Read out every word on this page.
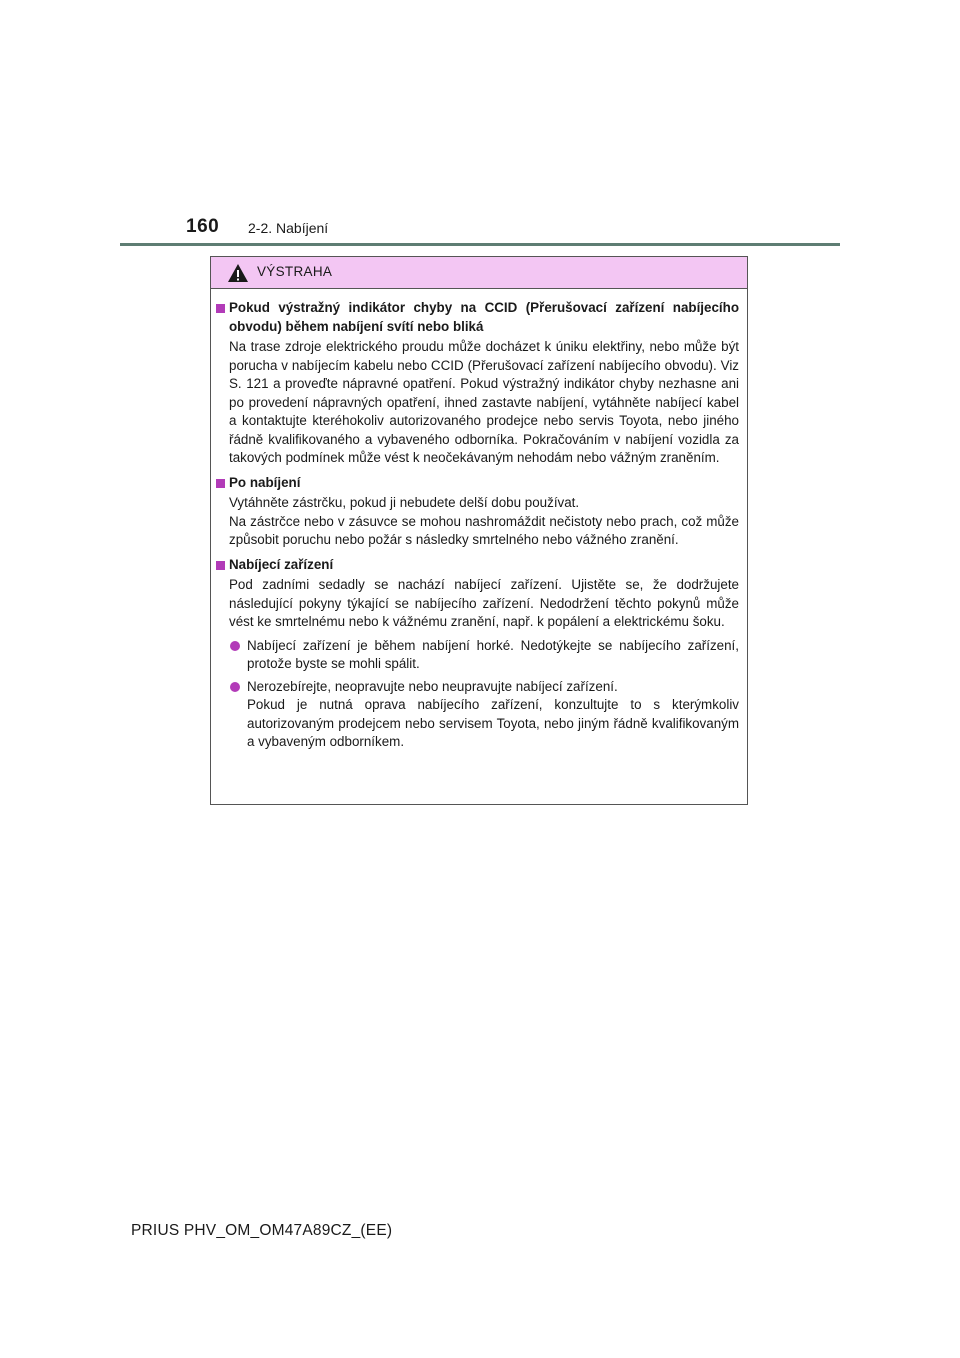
160 2-2. Nabíjení
VÝSTRAHA
Pokud výstražný indikátor chyby na CCID (Přerušovací zařízení nabíjecího obvodu) během nabíjení svítí nebo bliká

Na trase zdroje elektrického proudu může docházet k úniku elektřiny, nebo může být porucha v nabíjecím kabelu nebo CCID (Přerušovací zařízení nabíjecího obvodu). Viz S. 121 a proveďte nápravné opatření. Pokud výstražný indikátor chyby nezhasne ani po provedení nápravných opatření, ihned zastavte nabíjení, vytáhněte nabíjecí kabel a kontaktujte kteréhokoliv autorizovaného prodejce nebo servis Toyota, nebo jiného řádně kvalifikovaného a vybaveného odborníka. Pokračováním v nabíjení vozidla za takových podmínek může vést k neočekávaným nehodám nebo vážným zraněním.

Po nabíjení

Vytáhněte zástrčku, pokud ji nebudete delší dobu používat.

Na zástrčce nebo v zásuvce se mohou nashromáždit nečistoty nebo prach, což může způsobit poruchu nebo požár s následky smrtelného nebo vážného zranění.

Nabíjecí zařízení

Pod zadními sedadly se nachází nabíjecí zařízení. Ujistěte se, že dodržujete následující pokyny týkající se nabíjecího zařízení. Nedodržení těchto pokynů může vést ke smrtelnému nebo k vážnému zranění, např. k popálení a elektrickému šoku.

Nabíjecí zařízení je během nabíjení horké. Nedotýkejte se nabíjecího zařízení, protože byste se mohli spálit.

Nerozebírejte, neopravujte nebo neupravujte nabíjecí zařízení.

Pokud je nutná oprava nabíjecího zařízení, konzultujte to s kterýmkoliv autorizovaným prodejcem nebo servisem Toyota, nebo jiným řádně kvalifikovaným a vybaveným odborníkem.

PRIUS PHV_OM_OM47A89CZ_(EE)
